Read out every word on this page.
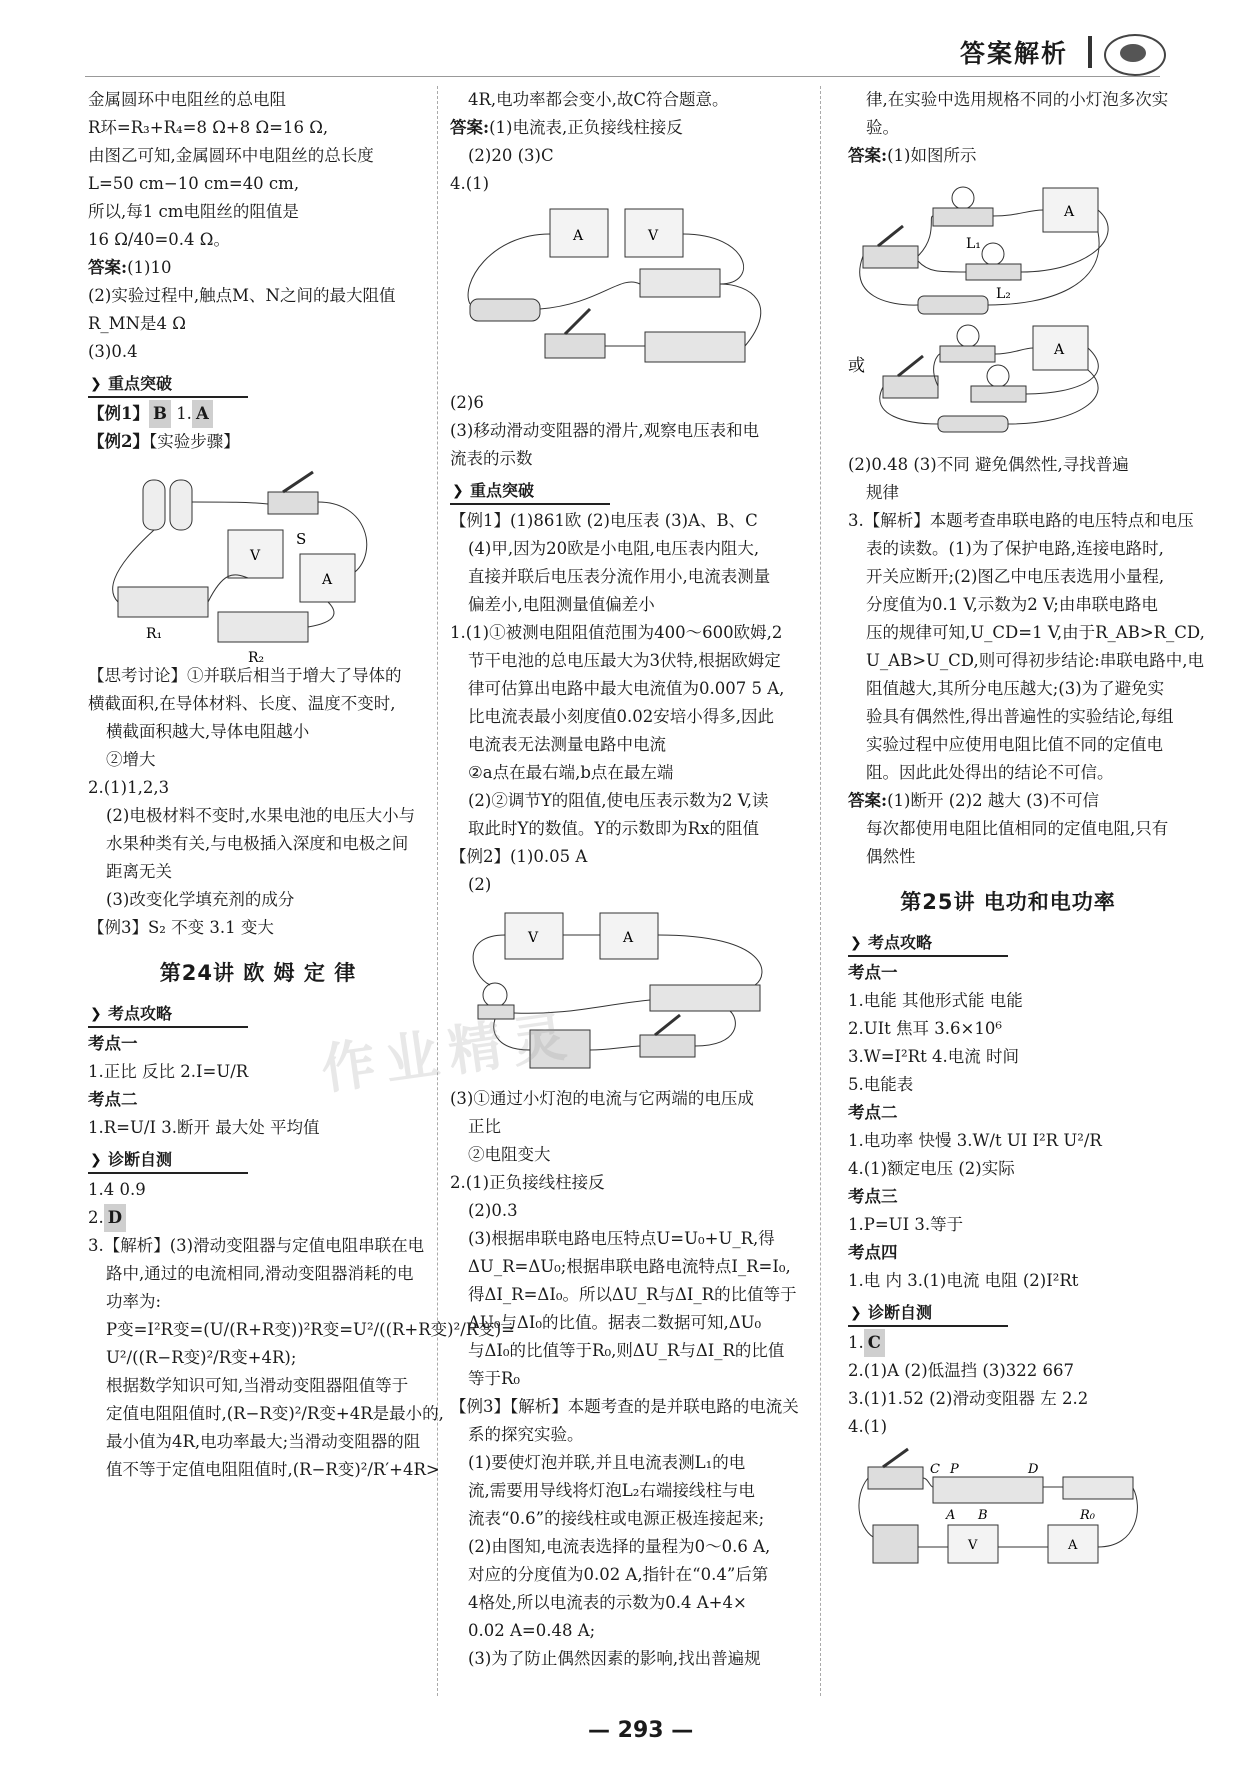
答案解析
金属圆环中电阻丝的总电阻
R环=R₃+R₄=8 Ω+8 Ω=16 Ω,
由图乙可知,金属圆环中电阻丝的总长度
L=50 cm−10 cm=40 cm,
所以,每1 cm电阻丝的阻值是
16 Ω/40=0.4 Ω。
答案:(1)10
(2)实验过程中,触点M、N之间的最大阻值
R_MN是4 Ω
(3)0.4
❯ 重点突破
【例1】 B 1. A
【例2】【实验步骤】
S
V
A
R₁
R₂
【思考讨论】①并联后相当于增大了导体的
横截面积,在导体材料、长度、温度不变时,
横截面积越大,导体电阻越小
②增大
2.(1)1,2,3
(2)电极材料不变时,水果电池的电压大小与
水果种类有关,与电极插入深度和电极之间
距离无关
(3)改变化学填充剂的成分
【例3】S₂ 不变 3.1 变大
第24讲 欧 姆 定 律
❯ 考点攻略
考点一
1.正比 反比 2.I=U/R
考点二
1.R=U/I 3.断开 最大处 平均值
❯ 诊断自测
1.4 0.9
2. D
3.【解析】(3)滑动变阻器与定值电阻串联在电
路中,通过的电流相同,滑动变阻器消耗的电
功率为:
P变=I²R变=(U/(R+R变))²R变=U²/((R+R变)²/R变)=
U²/((R−R变)²/R变+4R);
根据数学知识可知,当滑动变阻器阻值等于
定值电阻阻值时,(R−R变)²/R变+4R是最小的,
最小值为4R,电功率最大;当滑动变阻器的阻
值不等于定值电阻阻值时,(R−R变)²/R′+4R>
4R,电功率都会变小,故C符合题意。
答案:(1)电流表,正负接线柱接反
(2)20 (3)C
4.(1)
A	V
(2)6
(3)移动滑动变阻器的滑片,观察电压表和电
流表的示数
❯ 重点突破
【例1】(1)861欧 (2)电压表 (3)A、B、C
(4)甲,因为20欧是小电阻,电压表内阻大,
直接并联后电压表分流作用小,电流表测量
偏差小,电阻测量值偏差小
1.(1)①被测电阻阻值范围为400～600欧姆,2
节干电池的总电压最大为3伏特,根据欧姆定
律可估算出电路中最大电流值为0.007 5 A,
比电流表最小刻度值0.02安培小得多,因此
电流表无法测量电路中电流
②a点在最右端,b点在最左端
(2)②调节Y的阻值,使电压表示数为2 V,读
取此时Y的数值。Y的示数即为Rx的阻值
【例2】(1)0.05 A
(2)
V	A
(3)①通过小灯泡的电流与它两端的电压成
正比
②电阻变大
2.(1)正负接线柱接反
(2)0.3
(3)根据串联电路电压特点U=U₀+U_R,得
ΔU_R=ΔU₀;根据串联电路电流特点I_R=I₀,
得ΔI_R=ΔI₀。所以ΔU_R与ΔI_R的比值等于
ΔU₀与ΔI₀的比值。据表二数据可知,ΔU₀
与ΔI₀的比值等于R₀,则ΔU_R与ΔI_R的比值
等于R₀
【例3】【解析】本题考查的是并联电路的电流关
系的探究实验。
(1)要使灯泡并联,并且电流表测L₁的电
流,需要用导线将灯泡L₂右端接线柱与电
流表“0.6”的接线柱或电源正极连接起来;
(2)由图知,电流表选择的量程为0～0.6 A,
对应的分度值为0.02 A,指针在“0.4”后第
4格处,所以电流表的示数为0.4 A+4×
0.02 A=0.48 A;
(3)为了防止偶然因素的影响,找出普遍规
律,在实验中选用规格不同的小灯泡多次实
验。
答案:(1)如图所示
L₁
A
L₂
或
A
(2)0.48 (3)不同 避免偶然性,寻找普遍
规律
3.【解析】本题考查串联电路的电压特点和电压
表的读数。(1)为了保护电路,连接电路时,
开关应断开;(2)图乙中电压表选用小量程,
分度值为0.1 V,示数为2 V;由串联电路电
压的规律可知,U_CD=1 V,由于R_AB>R_CD,
U_AB>U_CD,则可得初步结论:串联电路中,电
阻值越大,其所分电压越大;(3)为了避免实
验具有偶然性,得出普遍性的实验结论,每组
实验过程中应使用电阻比值不同的定值电
阻。因此此处得出的结论不可信。
答案:(1)断开 (2)2 越大 (3)不可信
每次都使用电阻比值相同的定值电阻,只有
偶然性
第25讲 电功和电功率
❯ 考点攻略
考点一
1.电能 其他形式能 电能
2.UIt 焦耳 3.6×10⁶
3.W=I²Rt 4.电流 时间
5.电能表
考点二
1.电功率 快慢 3.W/t UI I²R U²/R
4.(1)额定电压 (2)实际
考点三
1.P=UI 3.等于
考点四
1.电 内 3.(1)电流 电阻 (2)I²Rt
❯ 诊断自测
1. C
2.(1)A (2)低温挡 (3)322 667
3.(1)1.52 (2)滑动变阻器 左 2.2
4.(1)
C P	D
A B	R₀
V	A
— 293 —
作业精灵
